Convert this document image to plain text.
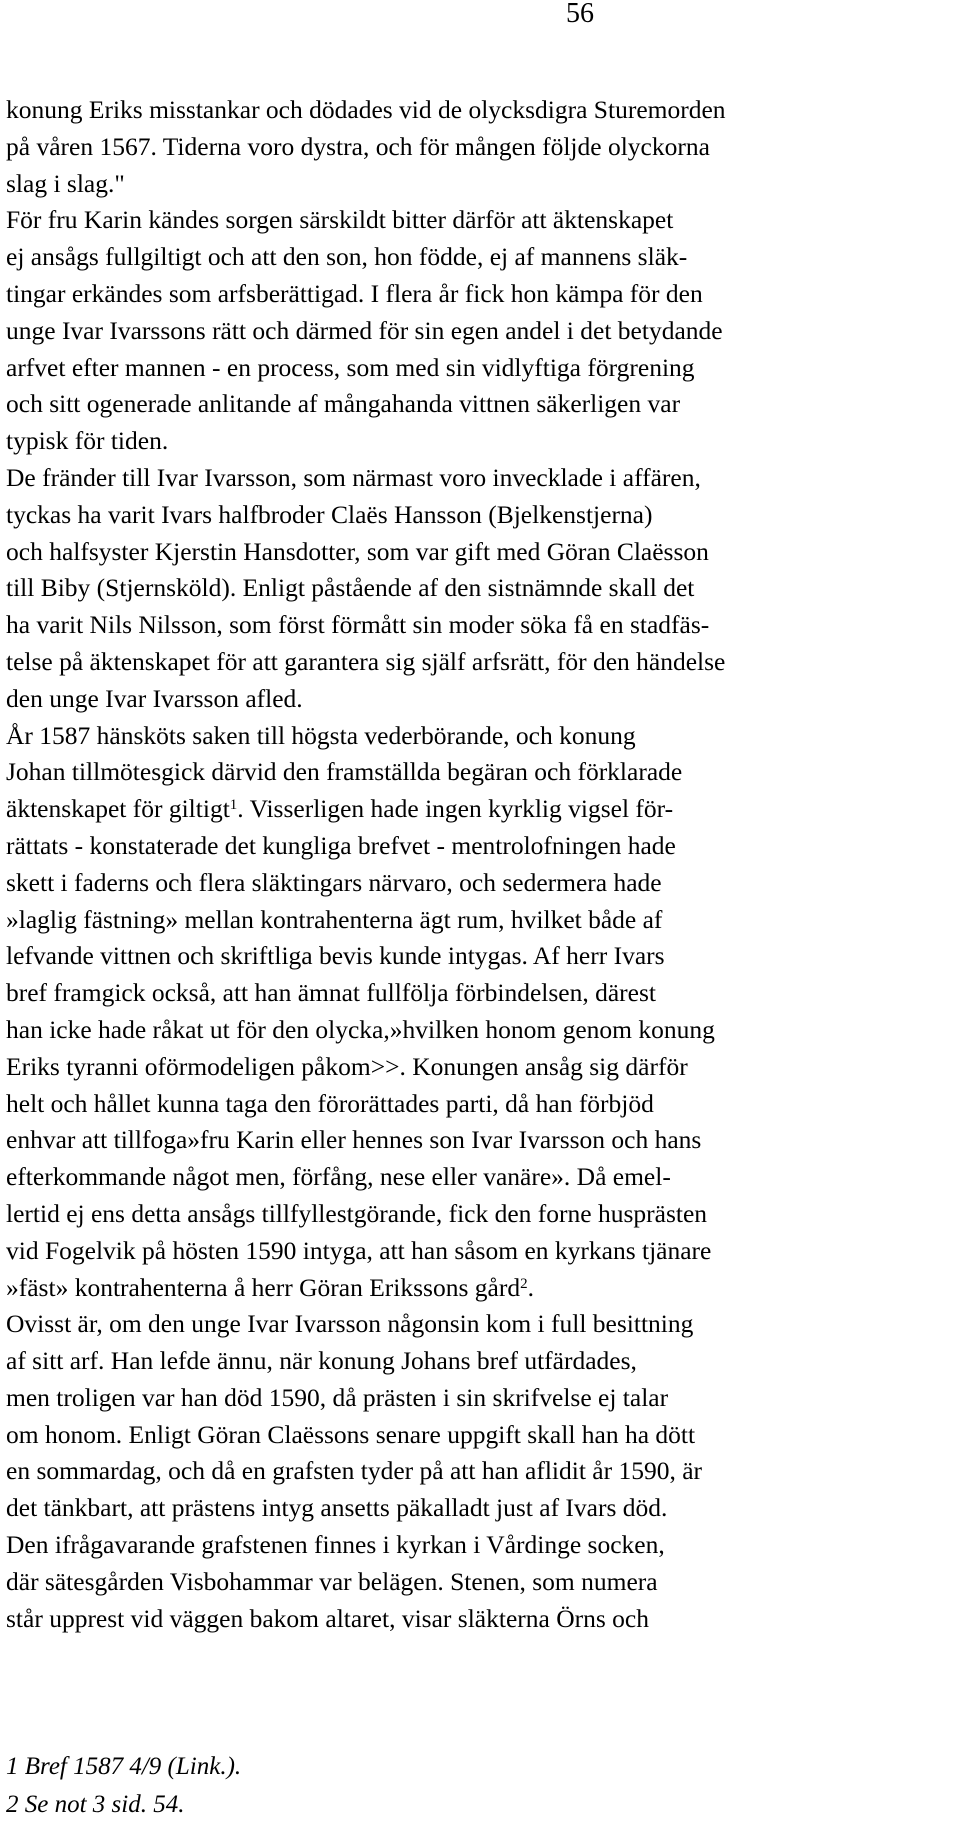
56
konung Eriks misstankar och dödades vid de olycksdigra Sturemorden
på våren 1567. Tiderna voro dystra, och för mången följde olyckorna
slag i slag."
För fru Karin kändes sorgen särskildt bitter därför att äktenskapet
ej ansågs fullgiltigt och att den son, hon födde, ej af mannens släk-
tingar erkändes som arfsberättigad. I flera år fick hon kämpa för den
unge Ivar Ivarssons rätt och därmed för sin egen andel i det betydande
arfvet efter mannen - en process, som med sin vidlyftiga förgrening
och sitt ogenerade anlitande af mångahanda vittnen säkerligen var
typisk för tiden.
De fränder till Ivar Ivarsson, som närmast voro invecklade i affären,
tyckas ha varit Ivars halfbroder Claës Hansson (Bjelkenstjerna)
och halfsyster Kjerstin Hansdotter, som var gift med Göran Claësson
till Biby (Stjernsköld). Enligt påstående af den sistnämnde skall det
ha varit Nils Nilsson, som först förmått sin moder söka få en stadfäs-
telse på äktenskapet för att garantera sig själf arfsrätt, för den händelse
den unge Ivar Ivarsson afled.
År 1587 hänsköts saken till högsta vederbörande, och konung
Johan tillmötesgick därvid den framställda begäran och förklarade
äktenskapet för giltigt$^1$. Visserligen hade ingen kyrklig vigsel för-
rättats - konstaterade det kungliga brefvet - mentrolofningen hade
skett i faderns och flera släktingars närvaro, och sedermera hade
»laglig fästning» mellan kontrahenterna ägt rum, hvilket både af
lefvande vittnen och skriftliga bevis kunde intygas. Af herr Ivars
bref framgick också, att han ämnat fullfölja förbindelsen, därest
han icke hade råkat ut för den olycka,»hvilken honom genom konung
Eriks tyranni oförmodeligen påkom>>. Konungen ansåg sig därför
helt och hållet kunna taga den förorättades parti, då han förbjöd
enhvar att tillfoga»fru Karin eller hennes son Ivar Ivarsson och hans
efterkommande något men, förfång, nese eller vanäre». Då emel-
lertid ej ens detta ansågs tillfyllestgörande, fick den forne husprästen
vid Fogelvik på hösten 1590 intyga, att han såsom en kyrkans tjänare
»fäst» kontrahenterna å herr Göran Erikssons gård$^2$.
Ovisst är, om den unge Ivar Ivarsson någonsin kom i full besittning
af sitt arf. Han lefde ännu, när konung Johans bref utfärdades,
men troligen var han död 1590, då prästen i sin skrifvelse ej talar
om honom. Enligt Göran Claëssons senare uppgift skall han ha dött
en sommardag, och då en grafsten tyder på att han aflidit år 1590, är
det tänkbart, att prästens intyg ansetts päkalladt just af Ivars död.
Den ifrågavarande grafstenen finnes i kyrkan i Vårdinge socken,
där sätesgården Visbohammar var belägen. Stenen, som numera
står upprest vid väggen bakom altaret, visar släkterna Örns och
1 Bref 1587 4/9 (Link.).
2 Se not 3 sid. 54.
